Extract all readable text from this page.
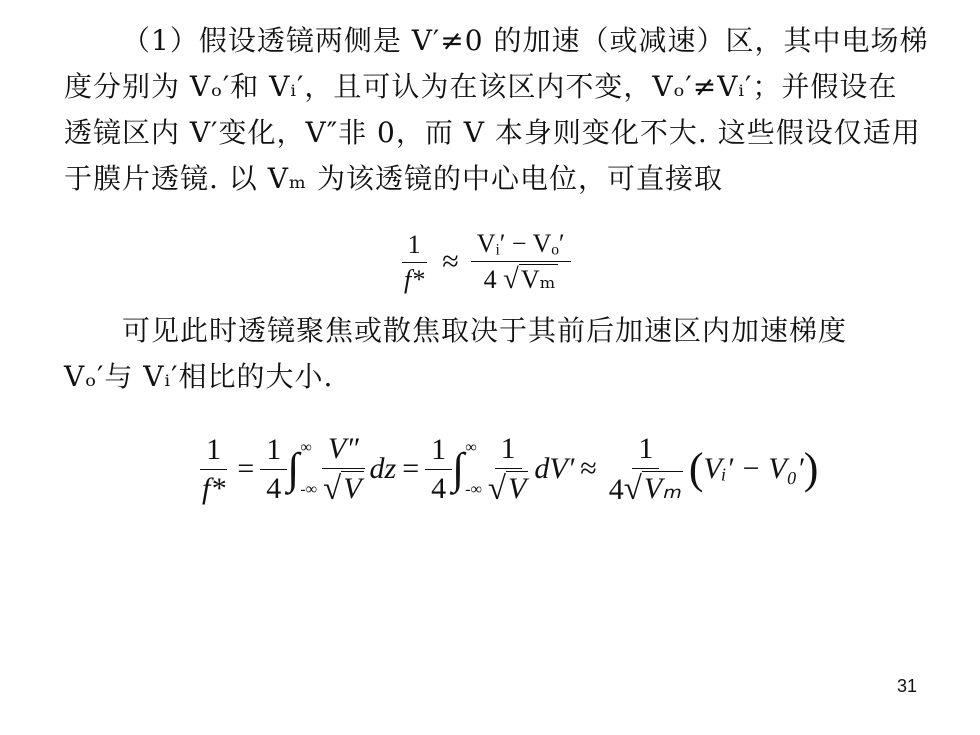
（1）假设透镜两侧是 V′≠0 的加速（或减速）区，其中电场梯
度分别为 Vₒ′和 Vᵢ′，且可认为在该区内不变，Vₒ′≠Vᵢ′；并假设在
透镜区内 V′变化，V″非 0，而 V 本身则变化不大. 这些假设仅适用
于膜片透镜. 以 Vₘ 为该透镜的中心电位，可直接取
$\frac{1}{f*} \approx \frac{\text{Vᵢ′ − Vₒ′}}{\text{4 √ Vₘ}}$
可见此时透镜聚焦或散焦取决于其前后加速区内加速梯度
Vₒ′与 Vᵢ′相比的大小.
$\frac{1}{f*} = \frac{1}{4}$ ∫ ∞
-∞ $\frac{V''}{√ V}$ dz = $\frac{1}{4}$ ∫ ∞
-∞ $\frac{1}{√ V} dV' \approx \frac{1}{\text{4 √ Vₘ}}$ ( Vᵢ′ − V₀′ )
31
